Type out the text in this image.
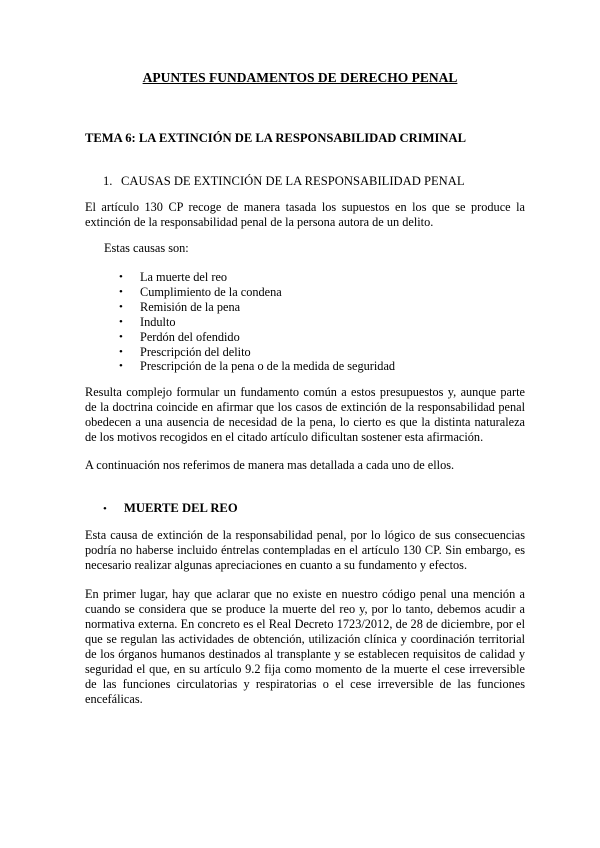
APUNTES FUNDAMENTOS DE DERECHO PENAL
TEMA 6: LA EXTINCIÓN DE LA RESPONSABILIDAD CRIMINAL
1. CAUSAS DE EXTINCIÓN DE LA RESPONSABILIDAD PENAL

El artículo 130 CP recoge de manera tasada los supuestos en los que se produce la extinción de la responsabilidad penal de la persona autora de un delito.

Estas causas son:

• La muerte del reo
• Cumplimiento de la condena
• Remisión de la pena
• Indulto
• Perdón del ofendido
• Prescripción del delito
• Prescripción de la pena o de la medida de seguridad

Resulta complejo formular un fundamento común a estos presupuestos y, aunque parte de la doctrina coincide en afirmar que los casos de extinción de la responsabilidad penal obedecen a una ausencia de necesidad de la pena, lo cierto es que la distinta naturaleza de los motivos recogidos en el citado artículo dificultan sostener esta afirmación.

A continuación nos referimos de manera mas detallada a cada uno de ellos.

• MUERTE DEL REO

Esta causa de extinción de la responsabilidad penal, por lo lógico de sus consecuencias podría no haberse incluido éntrelas contempladas en el artículo 130 CP. Sin embargo, es necesario realizar algunas apreciaciones en cuanto a su fundamento y efectos.

En primer lugar, hay que aclarar que no existe en nuestro código penal una mención a cuando se considera que se produce la muerte del reo y, por lo tanto, debemos acudir a normativa externa. En concreto es el Real Decreto 1723/2012, de 28 de diciembre, por el que se regulan las actividades de obtención, utilización clínica y coordinación territorial de los órganos humanos destinados al transplante y se establecen requisitos de calidad y seguridad el que, en su artículo 9.2 fija como momento de la muerte el cese irreversible de las funciones circulatorias y respiratorias o el cese irreversible de las funciones encefálicas.
